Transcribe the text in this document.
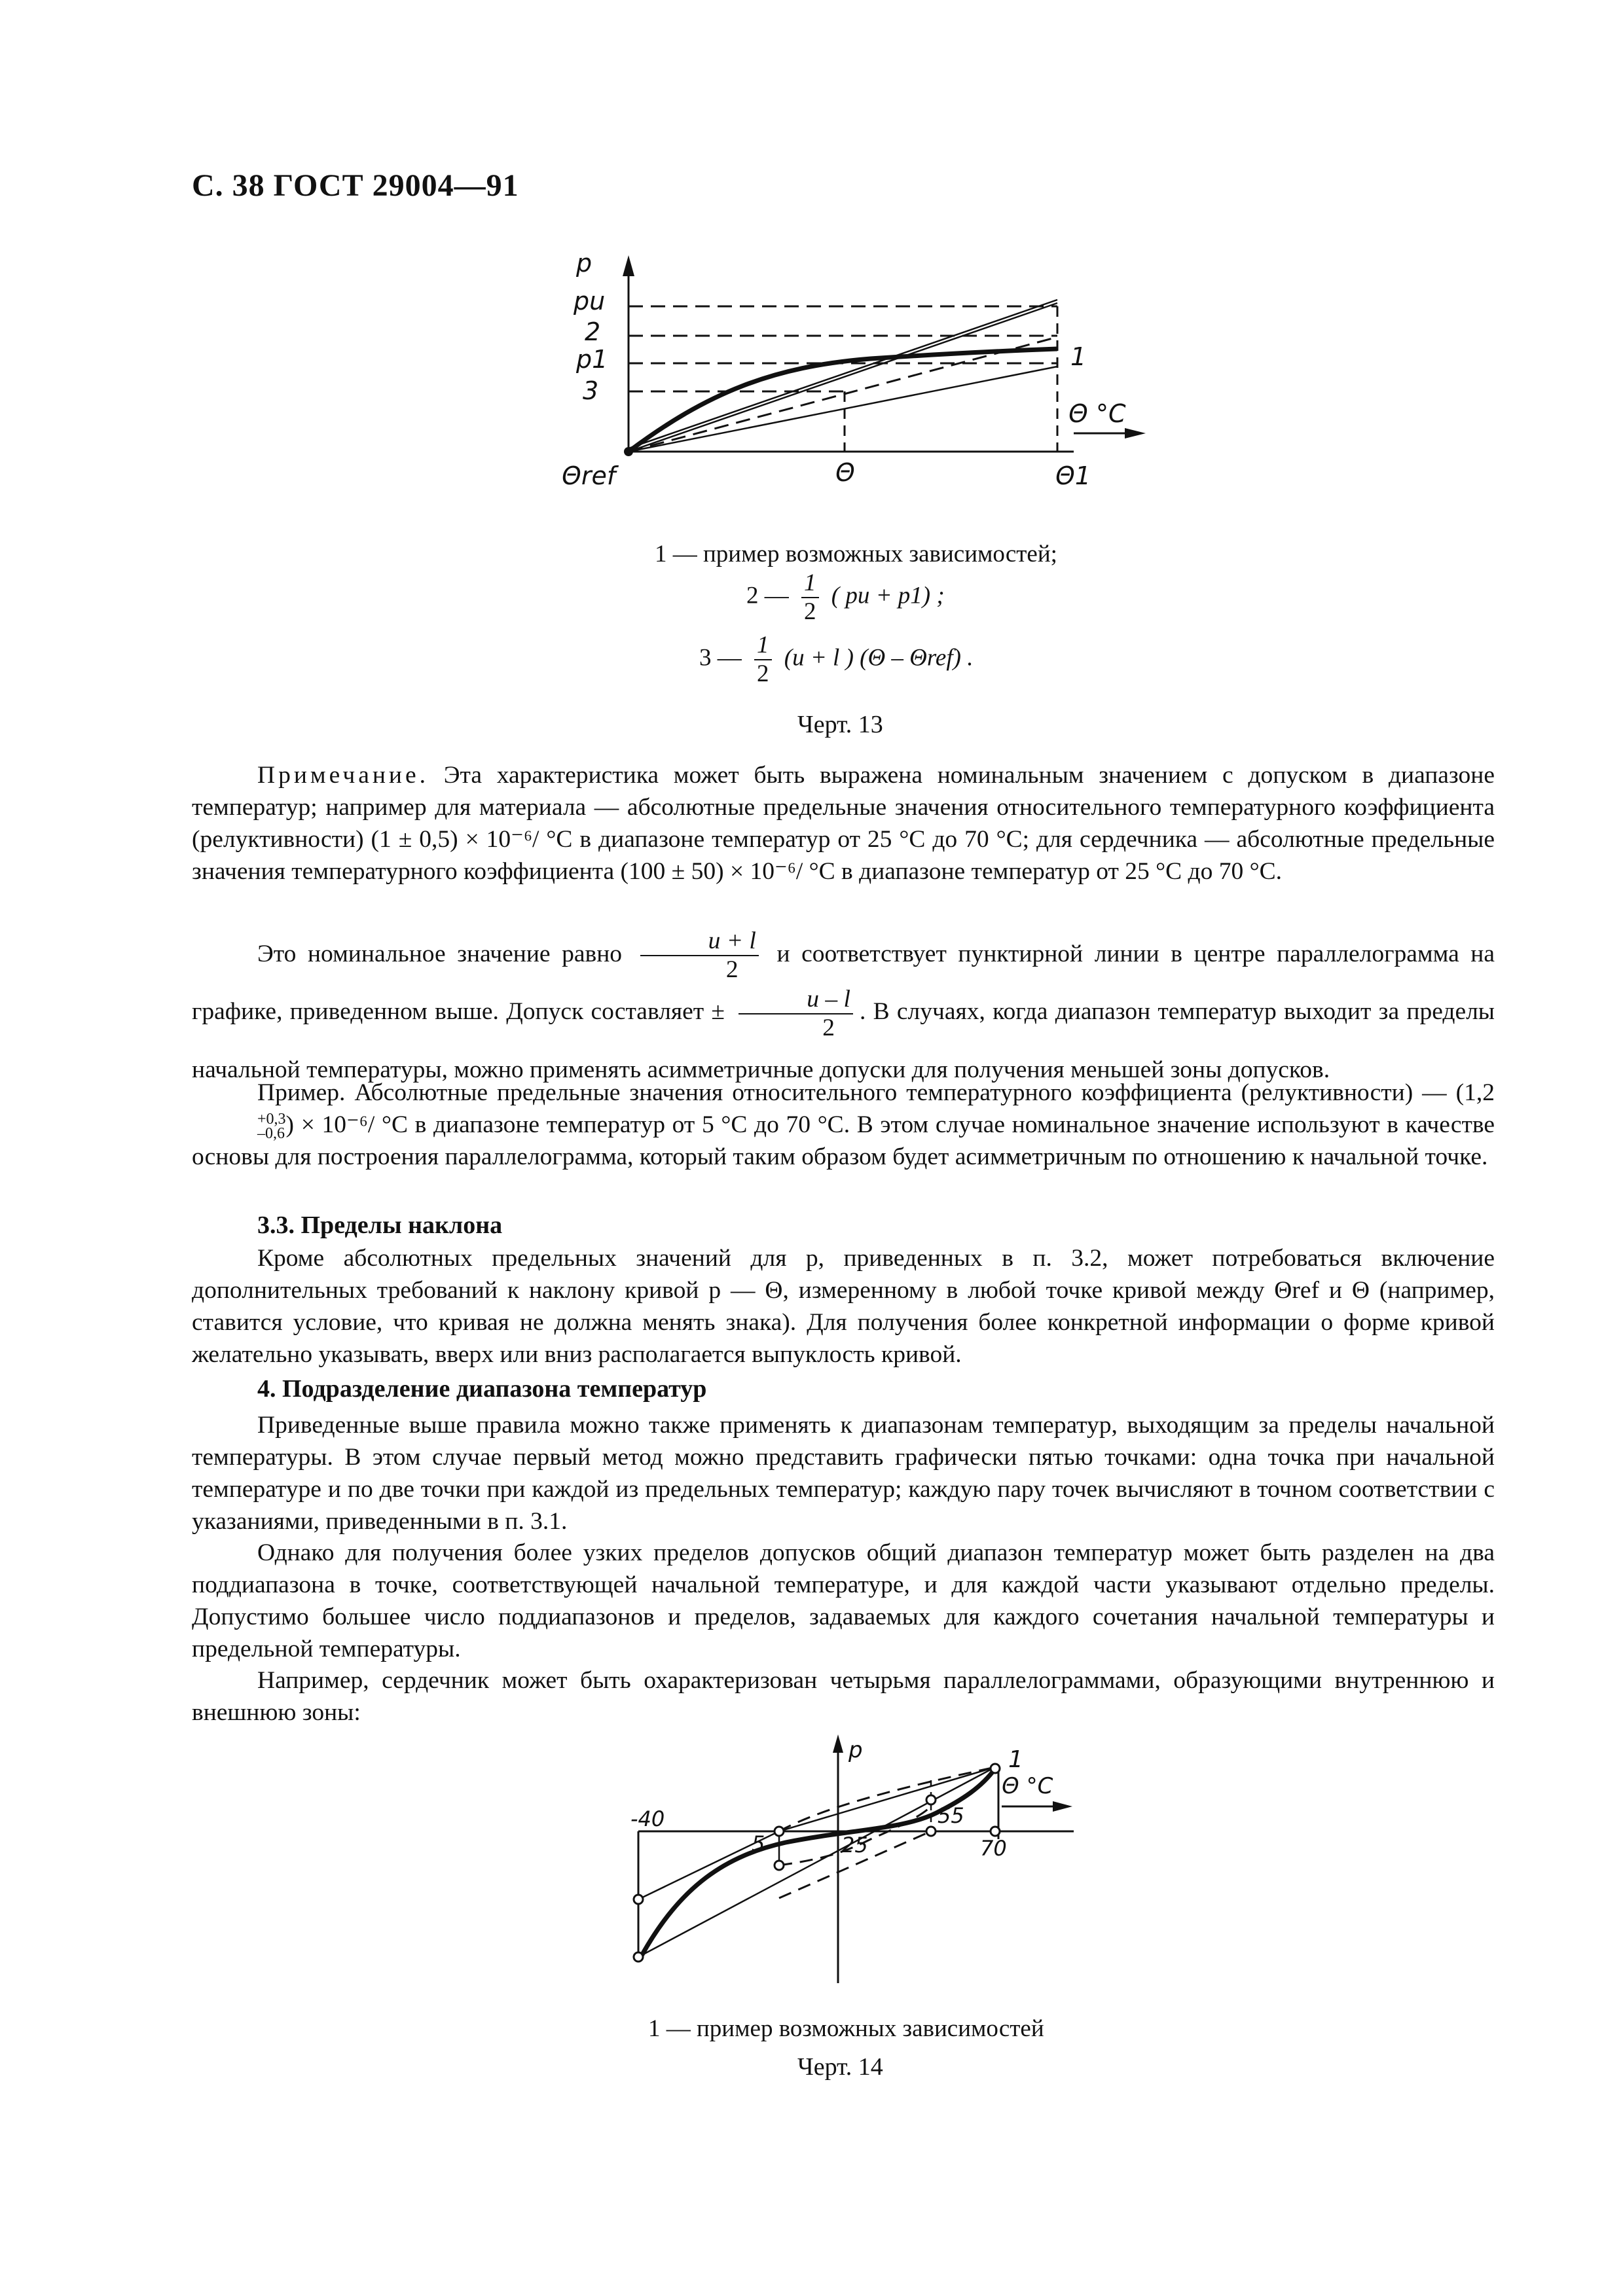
С. 38 ГОСТ 29004—91
p
pu
2
p1
3
Θref	Θ	Θ1
Θ °C
1
1 — пример возможных зависимостей;
2 — $\frac{1}{2}$ ( pu + p1) ;
3 — $\frac{1}{2} (u + l$ ) (Θ – Θref) .
Черт. 13
Примечание. Эта характеристика может быть выражена номинальным значением с допуском в диапазоне температур; например для материала — абсолютные предельные значения относительного температурного коэффициента (релуктивности) (1 ± 0,5) × 10⁻⁶/ °C в диапазоне температур от 25 °C до 70 °C; для сердечника — абсолютные предельные значения температурного коэффициента (100 ± 50) × 10⁻⁶/ °C в диапазоне температур от 25 °C до 70 °C.
Это номинальное значение равно $\frac{u + l}{2}$ и соответствует пунктирной линии в центре параллелограмма на графике, приведенном выше. Допуск составляет ± $\frac{u - l}{2}$ . В случаях, когда диапазон температур выходит за пределы начальной температуры, можно применять асимметричные допуски для получения меньшей зоны допусков.
Пример. Абсолютные предельные значения относительного температурного коэффициента (релуктивности) — (1,2
+0,3
–0,6 ) × 10⁻⁶/ °C в диапазоне температур от 5 °C до 70 °C. В этом случае номинальное значение используют в качестве основы для построения параллелограмма, который таким образом будет асимметричным по отношению к начальной точке.
3.3. Пределы наклона
Кроме абсолютных предельных значений для p, приведенных в п. 3.2, может потребоваться включение дополнительных требований к наклону кривой p — Θ, измеренному в любой точке кривой между Θref и Θ (например, ставится условие, что кривая не должна менять знака). Для получения более конкретной информации о форме кривой желательно указывать, вверх или вниз располагается выпуклость кривой.
4. Подразделение диапазона температур
Приведенные выше правила можно также применять к диапазонам температур, выходящим за пределы начальной температуры. В этом случае первый метод можно представить графически пятью точками: одна точка при начальной температуре и по две точки при каждой из предельных температур; каждую пару точек вычисляют в точном соответствии с указаниями, приведенными в п. 3.1.
Однако для получения более узких пределов допусков общий диапазон температур может быть разделен на два поддиапазона в точке, соответствующей начальной температуре, и для каждой части указывают отдельно пределы. Допустимо большее число поддиапазонов и пределов, задаваемых для каждого сочетания начальной температуры и предельной температуры.
Например, сердечник может быть охарактеризован четырьмя параллелограммами, образующими внутреннюю и внешнюю зоны:
p
Θ °C
1
-40
5	25
55
70
1 — пример возможных зависимостей
Черт. 14
